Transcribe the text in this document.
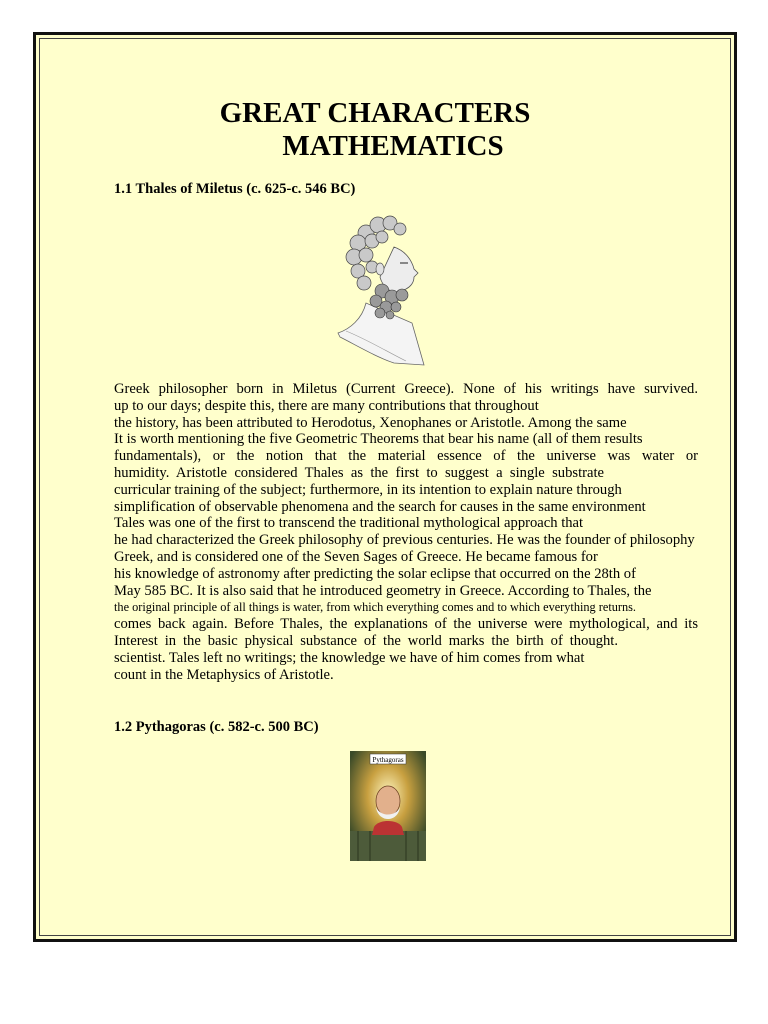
GREAT CHARACTERS
MATHEMATICS
1.1 Thales of Miletus (c. 625-c. 546 BC)
Greek philosopher born in Miletus (Current Greece). None of his writings have survived.
up to our days; despite this, there are many contributions that throughout
the history, has been attributed to Herodotus, Xenophanes or Aristotle. Among the same
It is worth mentioning the five Geometric Theorems that bear his name (all of them results
fundamentals), or the notion that the material essence of the universe was water or
humidity. Aristotle considered Thales as the first to suggest a single substrate
curricular training of the subject; furthermore, in its intention to explain nature through
simplification of observable phenomena and the search for causes in the same environment
Tales was one of the first to transcend the traditional mythological approach that
he had characterized the Greek philosophy of previous centuries. He was the founder of philosophy
Greek, and is considered one of the Seven Sages of Greece. He became famous for
his knowledge of astronomy after predicting the solar eclipse that occurred on the 28th of
May 585 BC. It is also said that he introduced geometry in Greece. According to Thales, the
the original principle of all things is water, from which everything comes and to which everything returns.
comes back again. Before Thales, the explanations of the universe were mythological, and its
Interest in the basic physical substance of the world marks the birth of thought.
scientist. Tales left no writings; the knowledge we have of him comes from what
count in the Metaphysics of Aristotle.
1.2 Pythagoras (c. 582-c. 500 BC)
Pythagoras
